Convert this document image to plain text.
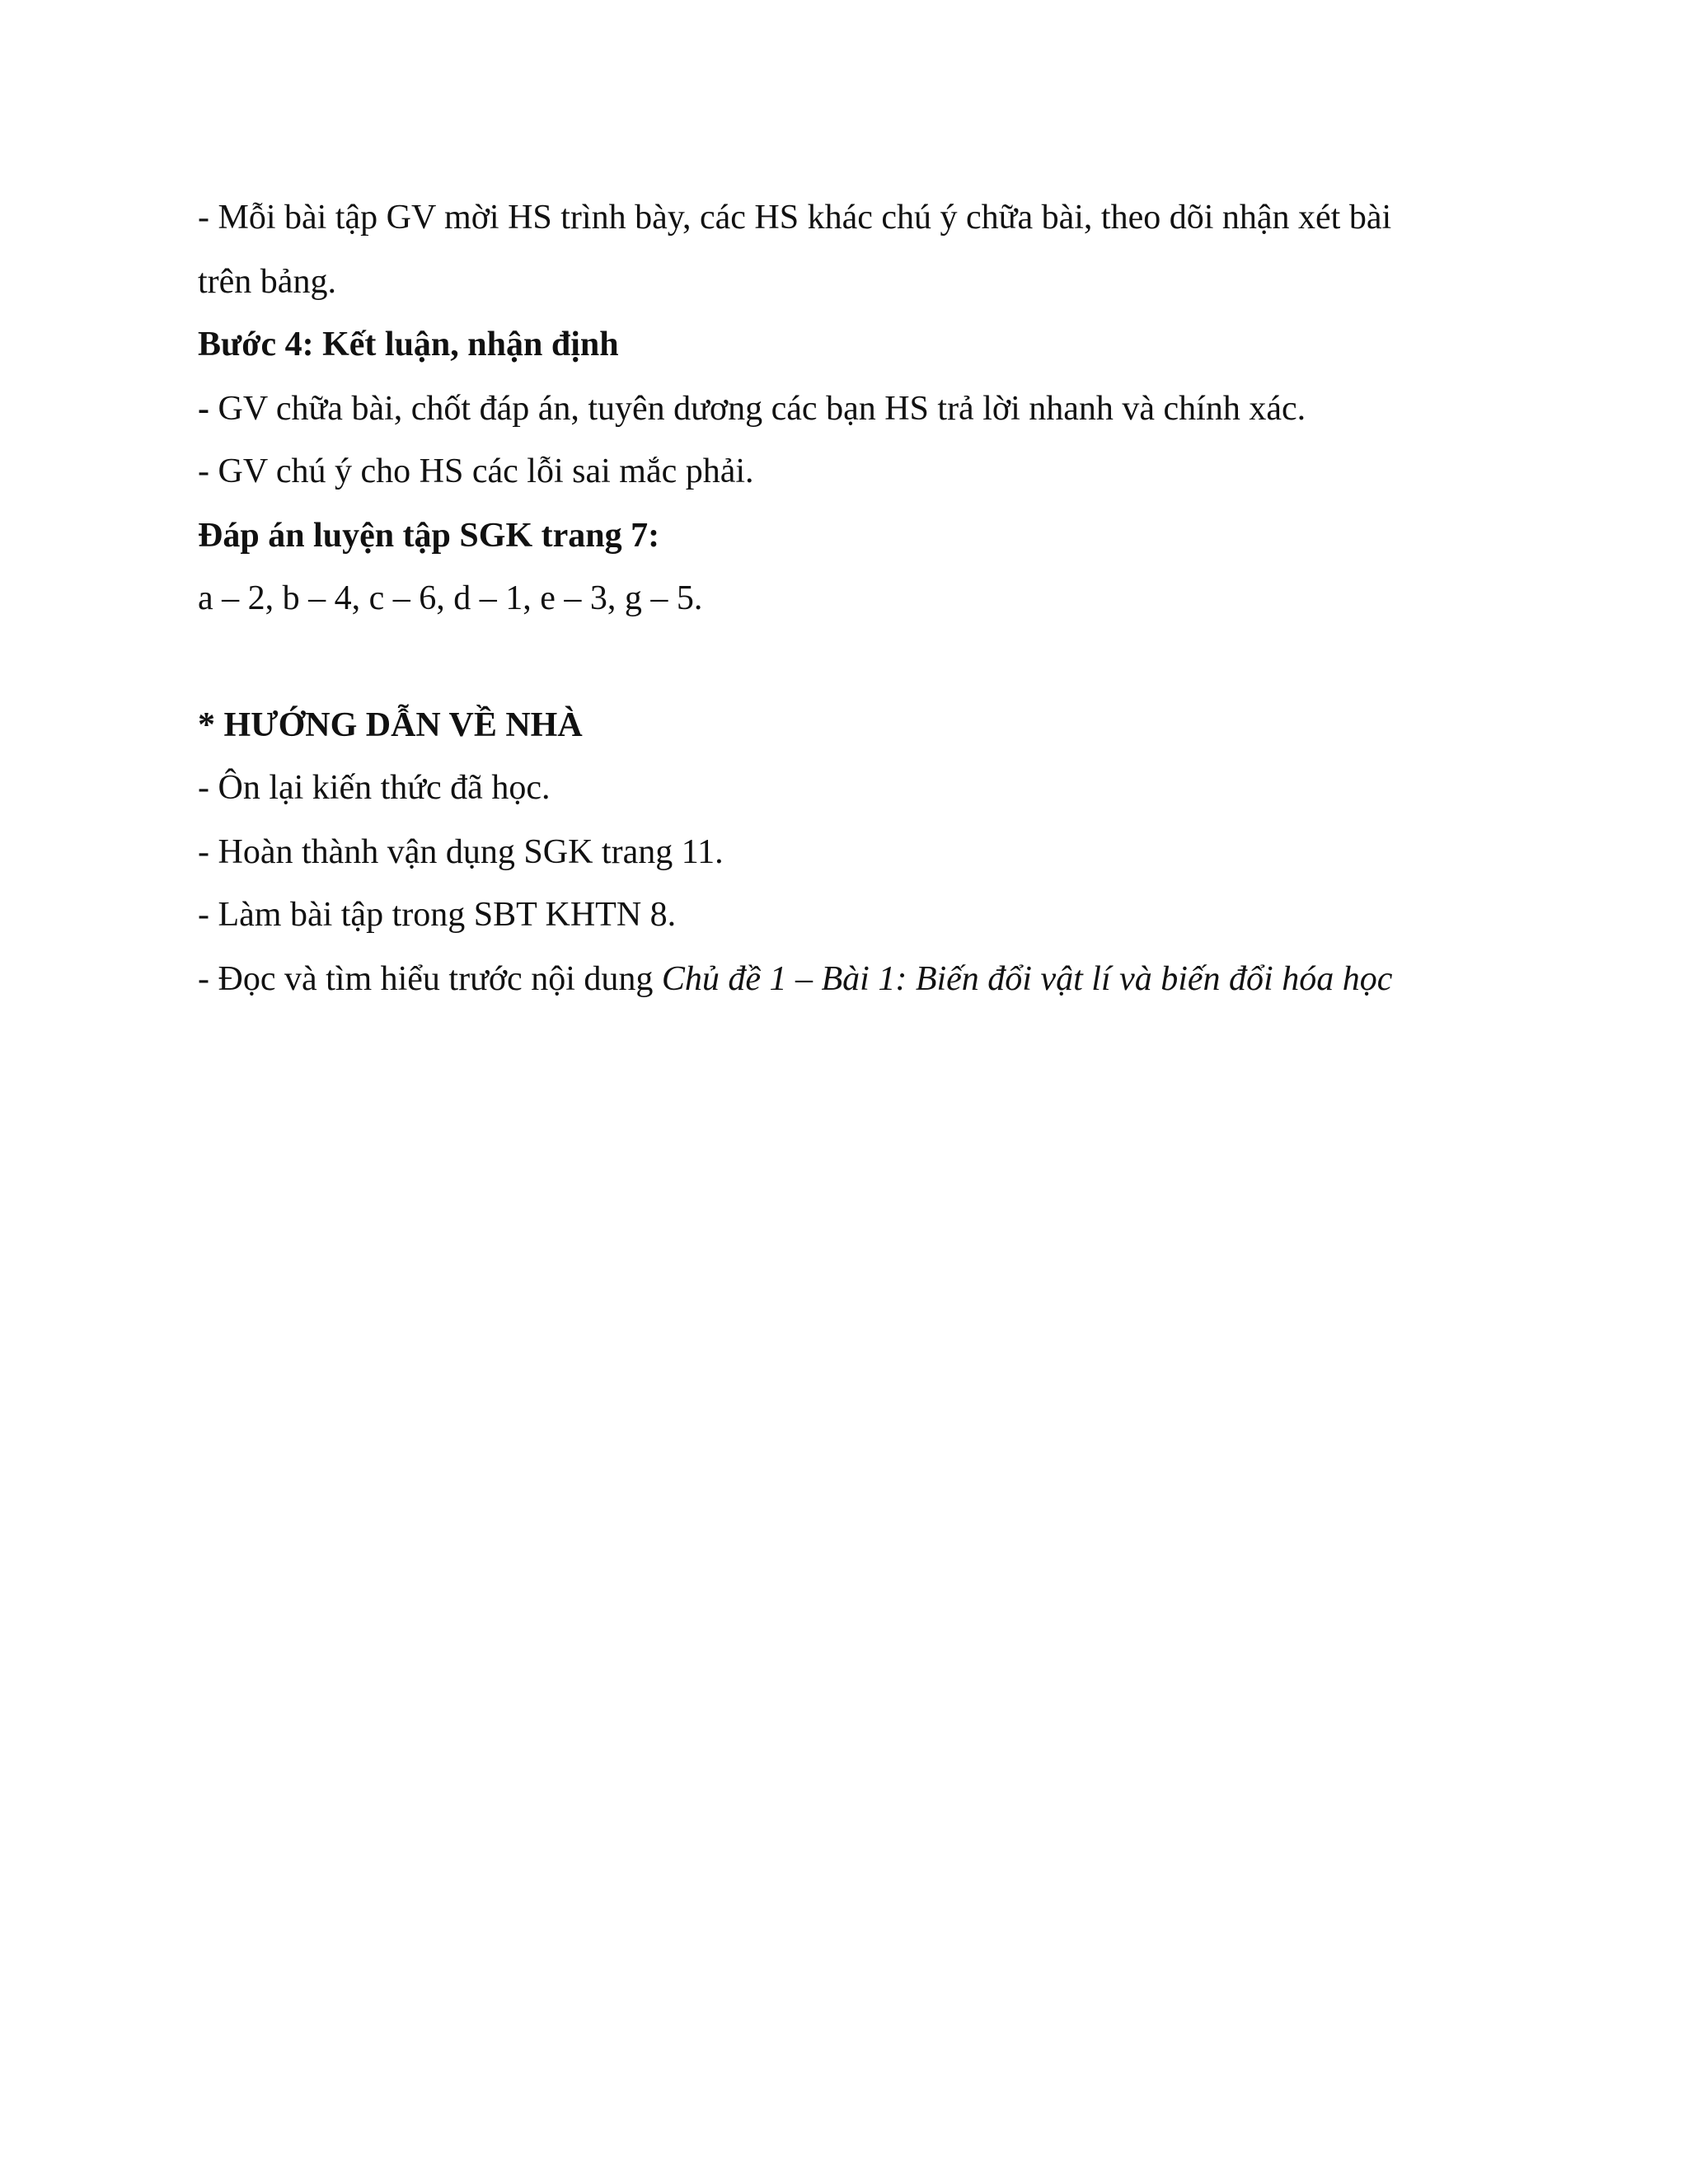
- Mỗi bài tập GV mời HS trình bày, các HS khác chú ý chữa bài, theo dõi nhận xét bài
trên bảng.
Bước 4: Kết luận, nhận định
- GV chữa bài, chốt đáp án, tuyên dương các bạn HS trả lời nhanh và chính xác.
- GV chú ý cho HS các lỗi sai mắc phải.
Đáp án luyện tập SGK trang 7:
a – 2, b – 4, c – 6, d – 1, e – 3, g – 5.
* HƯỚNG DẪN VỀ NHÀ
- Ôn lại kiến thức đã học.
- Hoàn thành vận dụng SGK trang 11.
- Làm bài tập trong SBT KHTN 8.
- Đọc và tìm hiểu trước nội dung Chủ đề 1 – Bài 1: Biến đổi vật lí và biến đổi hóa học
